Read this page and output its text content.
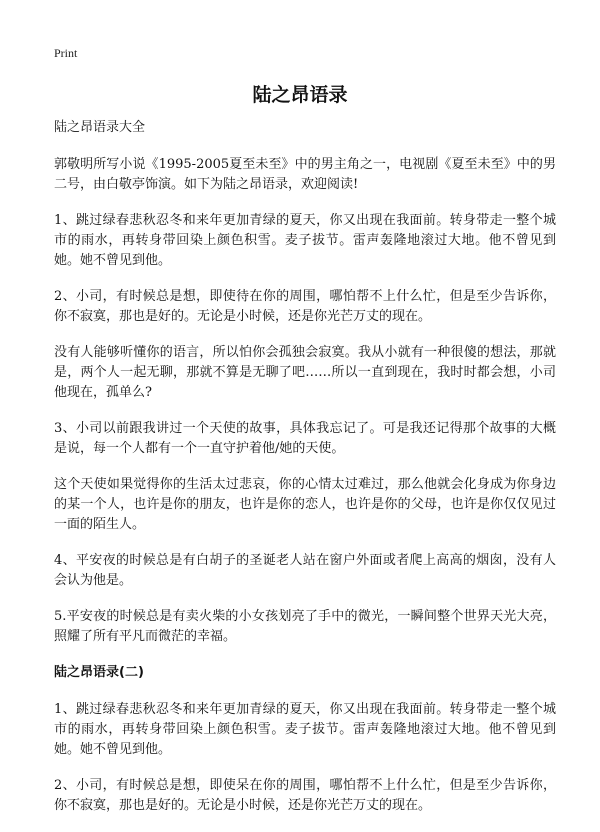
Print
陆之昂语录

陆之昂语录大全

郭敬明所写小说《1995-2005夏至未至》中的男主角之一，电视剧《夏至未至》中的男二号，由白敬亭饰演。如下为陆之昂语录，欢迎阅读!

1、跳过绿春悲秋忍冬和来年更加青绿的夏天，你又出现在我面前。转身带走一整个城市的雨水，再转身带回染上颜色积雪。麦子拔节。雷声轰隆地滚过大地。他不曾见到她。她不曾见到他。

2、小司，有时候总是想，即使待在你的周围，哪怕帮不上什么忙，但是至少告诉你，你不寂寞，那也是好的。无论是小时候，还是你光芒万丈的现在。

没有人能够听懂你的语言，所以怕你会孤独会寂寞。我从小就有一种很傻的想法，那就是，两个人一起无聊，那就不算是无聊了吧……所以一直到现在，我时时都会想，小司他现在，孤单么?

3、小司以前跟我讲过一个天使的故事，具体我忘记了。可是我还记得那个故事的大概是说，每一个人都有一个一直守护着他/她的天使。

这个天使如果觉得你的生活太过悲哀，你的心情太过难过，那么他就会化身成为你身边的某一个人，也许是你的朋友，也许是你的恋人，也许是你的父母，也许是你仅仅见过一面的陌生人。

4、平安夜的时候总是有白胡子的圣诞老人站在窗户外面或者爬上高高的烟囱，没有人会认为他是。

5.平安夜的时候总是有卖火柴的小女孩划亮了手中的微光，一瞬间整个世界天光大亮，照耀了所有平凡而微茫的幸福。

陆之昂语录(二)

1、跳过绿春悲秋忍冬和来年更加青绿的夏天，你又出现在我面前。转身带走一整个城市的雨水，再转身带回染上颜色积雪。麦子拔节。雷声轰隆地滚过大地。他不曾见到她。她不曾见到他。

2、小司，有时候总是想，即使呆在你的周围，哪怕帮不上什么忙，但是至少告诉你，你不寂寞，那也是好的。无论是小时候，还是你光芒万丈的现在。
